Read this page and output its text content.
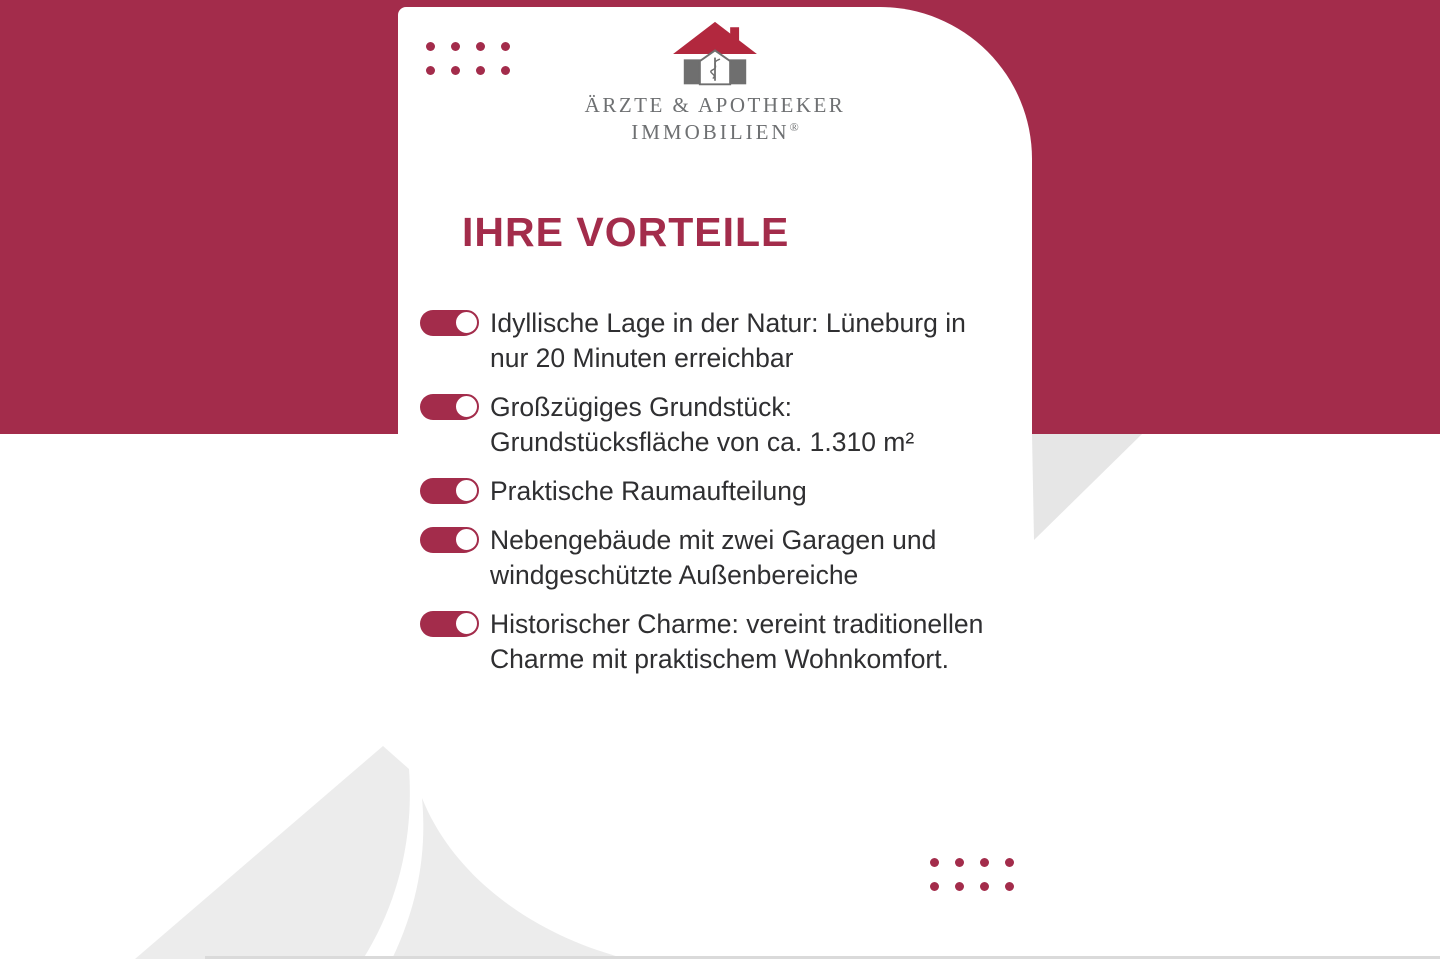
ÄRZTE & APOTHEKER
IMMOBILIEN®
IHRE VORTEILE
Idyllische Lage in der Natur: Lüneburg in nur 20 Minuten erreichbar
Großzügiges Grundstück: Grundstücksfläche von ca. 1.310 m²
Praktische Raumaufteilung
Nebengebäude mit zwei Garagen und windgeschützte Außenbereiche
Historischer Charme: vereint traditionellen Charme mit praktischem Wohnkomfort.
